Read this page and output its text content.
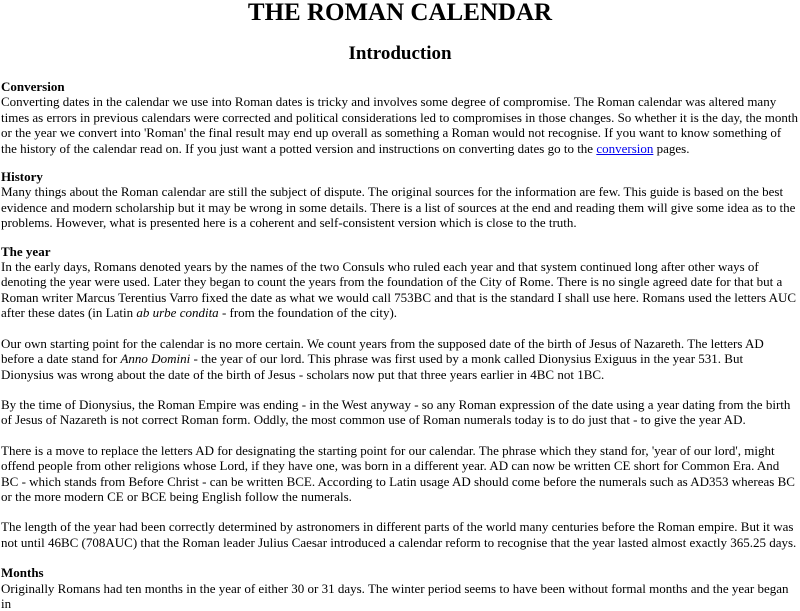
THE ROMAN CALENDAR
Introduction
Conversion

Converting dates in the calendar we use into Roman dates is tricky and involves some degree of compromise. The Roman calendar was altered many times as errors in previous calendars were corrected and political considerations led to compromises in those changes. So whether it is the day, the month or the year we convert into 'Roman' the final result may end up overall as something a Roman would not recognise. If you want to know something of the history of the calendar read on. If you just want a potted version and instructions on converting dates go to the conversion pages.

History

Many things about the Roman calendar are still the subject of dispute. The original sources for the information are few. This guide is based on the best evidence and modern scholarship but it may be wrong in some details. There is a list of sources at the end and reading them will give some idea as to the problems. However, what is presented here is a coherent and self-consistent version which is close to the truth.

The year

In the early days, Romans denoted years by the names of the two Consuls who ruled each year and that system continued long after other ways of denoting the year were used. Later they began to count the years from the foundation of the City of Rome. There is no single agreed date for that but a Roman writer Marcus Terentius Varro fixed the date as what we would call 753BC and that is the standard I shall use here. Romans used the letters AUC after these dates (in Latin ab urbe condita - from the foundation of the city).

Our own starting point for the calendar is no more certain. We count years from the supposed date of the birth of Jesus of Nazareth. The letters AD before a date stand for Anno Domini - the year of our lord. This phrase was first used by a monk called Dionysius Exiguus in the year 531. But Dionysius was wrong about the date of the birth of Jesus - scholars now put that three years earlier in 4BC not 1BC.

By the time of Dionysius, the Roman Empire was ending - in the West anyway - so any Roman expression of the date using a year dating from the birth of Jesus of Nazareth is not correct Roman form. Oddly, the most common use of Roman numerals today is to do just that - to give the year AD.

There is a move to replace the letters AD for designating the starting point for our calendar. The phrase which they stand for, 'year of our lord', might offend people from other religions whose Lord, if they have one, was born in a different year. AD can now be written CE short for Common Era. And BC - which stands from Before Christ - can be written BCE. According to Latin usage AD should come before the numerals such as AD353 whereas BC or the more modern CE or BCE being English follow the numerals.

The length of the year had been correctly determined by astronomers in different parts of the world many centuries before the Roman empire. But it was not until 46BC (708AUC) that the Roman leader Julius Caesar introduced a calendar reform to recognise that the year lasted almost exactly 365.25 days.

Months

Originally Romans had ten months in the year of either 30 or 31 days. The winter period seems to have been without formal months and the year began in
